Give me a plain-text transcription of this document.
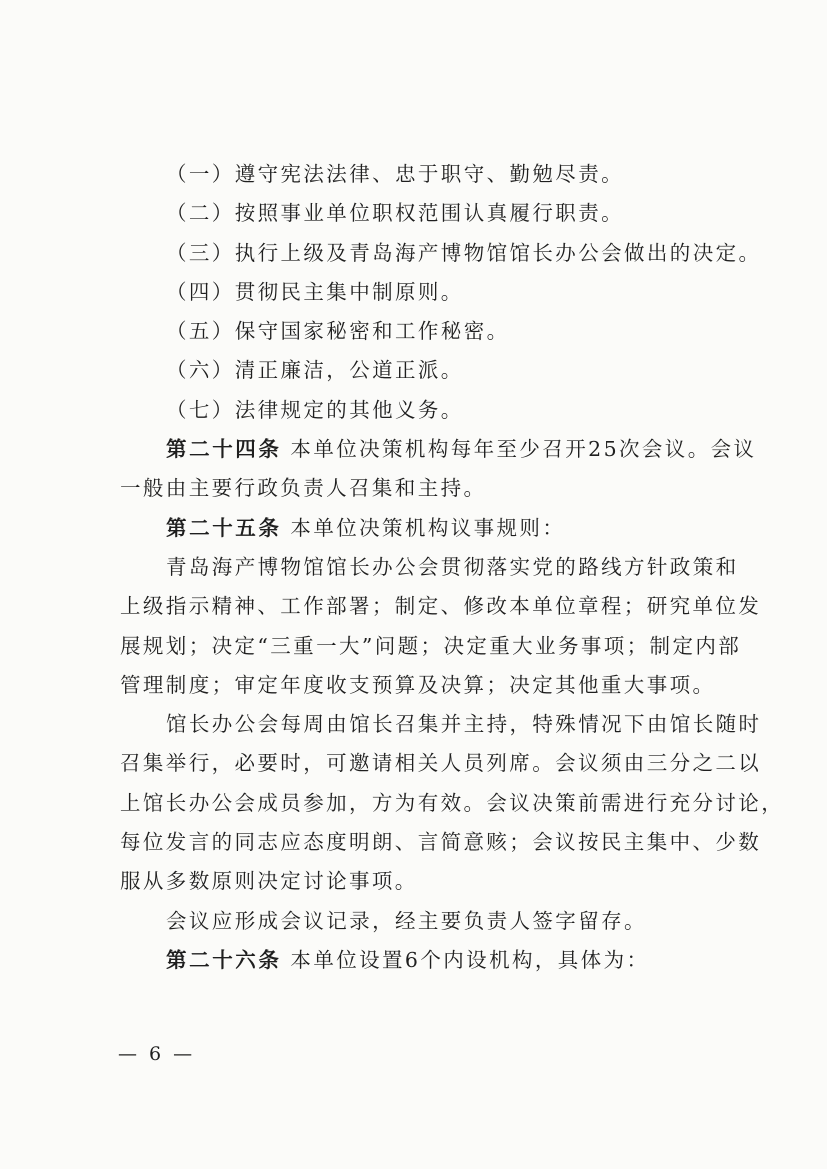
（一）遵守宪法法律、忠于职守、勤勉尽责。
（二）按照事业单位职权范围认真履行职责。
（三）执行上级及青岛海产博物馆馆长办公会做出的决定。
（四）贯彻民主集中制原则。
（五）保守国家秘密和工作秘密。
（六）清正廉洁，公道正派。
（七）法律规定的其他义务。
第二十四条 本单位决策机构每年至少召开25次会议。会议
一般由主要行政负责人召集和主持。
第二十五条 本单位决策机构议事规则：
青岛海产博物馆馆长办公会贯彻落实党的路线方针政策和
上级指示精神、工作部署；制定、修改本单位章程；研究单位发
展规划；决定“三重一大”问题；决定重大业务事项；制定内部
管理制度；审定年度收支预算及决算；决定其他重大事项。
馆长办公会每周由馆长召集并主持，特殊情况下由馆长随时
召集举行，必要时，可邀请相关人员列席。会议须由三分之二以
上馆长办公会成员参加，方为有效。会议决策前需进行充分讨论，
每位发言的同志应态度明朗、言简意赅；会议按民主集中、少数
服从多数原则决定讨论事项。
会议应形成会议记录，经主要负责人签字留存。
第二十六条 本单位设置6个内设机构，具体为：
— 6 —
